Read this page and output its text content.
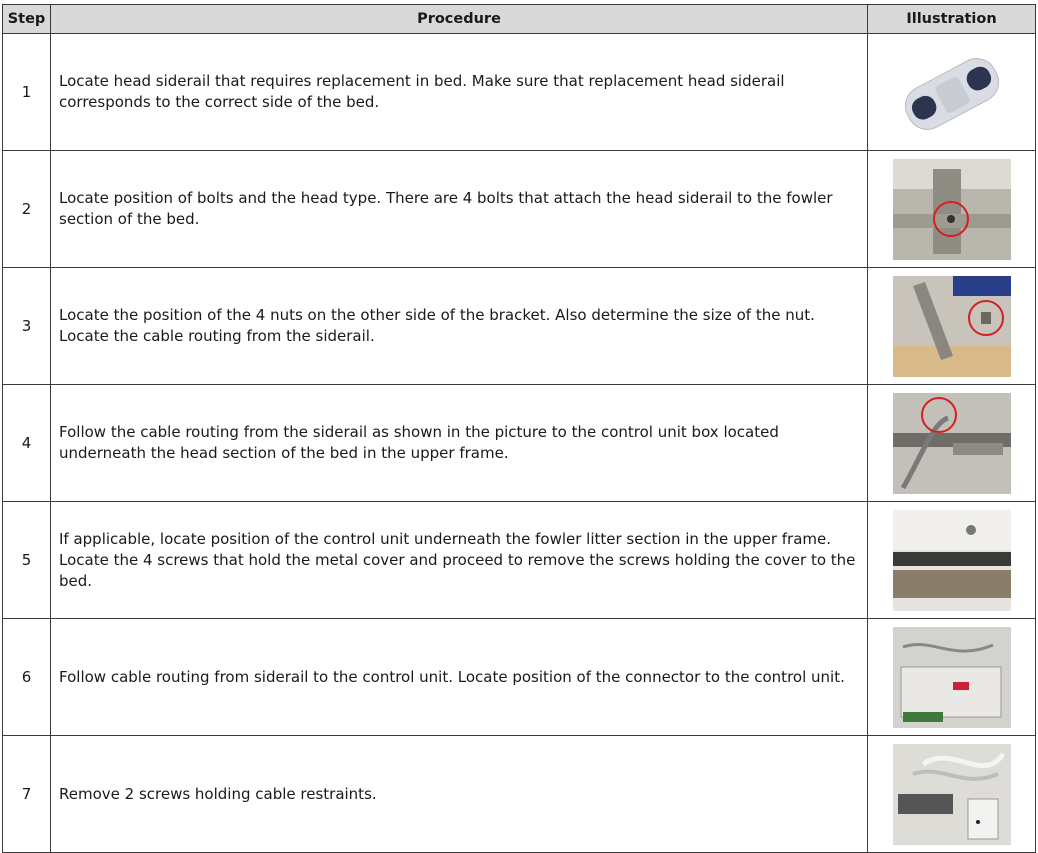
Step	Procedure	Illustration
1	Locate head siderail that requires replacement in bed. Make sure that replacement head siderail corresponds to the correct side of the bed.	

2	Locate position of bolts and the head type. There are 4 bolts that attach the head siderail to the fowler section of the bed.	

3	Locate the position of the 4 nuts on the other side of the bracket. Also determine the size of the nut. Locate the cable routing from the siderail.	

4	Follow the cable routing from the siderail as shown in the picture to the control unit box located underneath the head section of the bed in the upper frame.	

5	If applicable, locate position of the control unit underneath the fowler litter section in the upper frame. Locate the 4 screws that hold the metal cover and proceed to remove the screws holding the cover to the bed.	

6	Follow cable routing from siderail to the control unit. Locate position of the connector to the control unit.	

7	Remove 2 screws holding cable restraints.	
